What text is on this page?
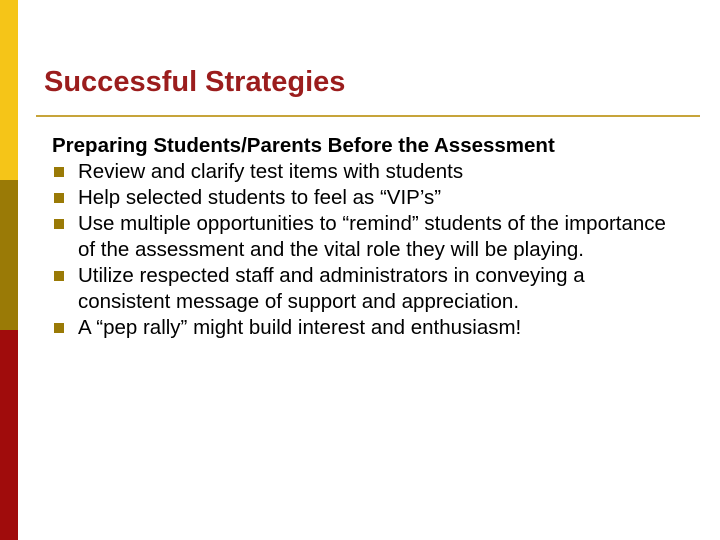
Successful Strategies

Preparing Students/Parents Before the Assessment

Review and clarify test items with students
Help selected students to feel as “VIP’s”
Use multiple opportunities to “remind” students of the importance of the assessment and the vital role they will be playing.
Utilize respected staff and administrators in conveying a consistent message of support and appreciation.
A “pep rally” might build interest and enthusiasm!
